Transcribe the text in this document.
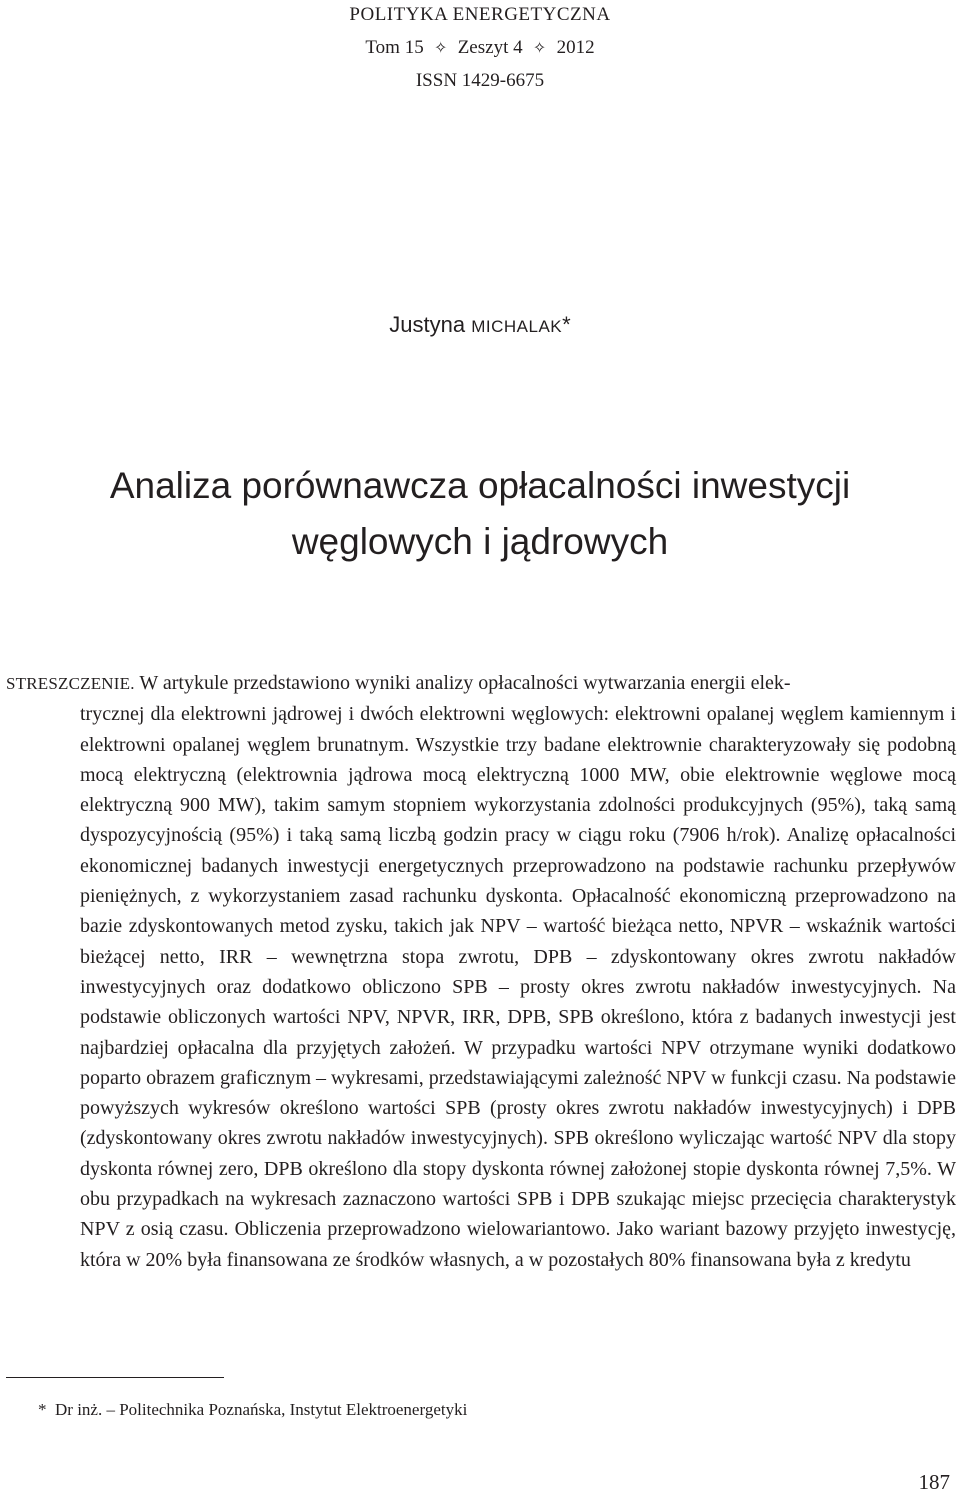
POLITYKA ENERGETYCZNA
Tom 15 ✧ Zeszyt 4 ✧ 2012
ISSN 1429-6675
Justyna MICHALAK*
Analiza porównawcza opłacalności inwestycji
węglowych i jądrowych

STRESZCZENIE. W artykule przedstawiono wyniki analizy opłacalności wytwarzania energii elek-

trycznej dla elektrowni jądrowej i dwóch elektrowni węglowych: elektrowni opalanej węglem kamiennym i elektrowni opalanej węglem brunatnym. Wszystkie trzy badane elektrownie charakteryzowały się podobną mocą elektryczną (elektrownia jądrowa mocą elektryczną 1000 MW, obie elektrownie węglowe mocą elektryczną 900 MW), takim samym stopniem wykorzystania zdolności produkcyjnych (95%), taką samą dyspozycyjnością (95%) i taką samą liczbą godzin pracy w ciągu roku (7906 h/rok). Analizę opłacalności ekonomicznej badanych inwestycji energetycznych przeprowadzono na podstawie rachunku przepływów pieniężnych, z wykorzystaniem zasad rachunku dyskonta. Opłacalność ekonomiczną przeprowadzono na bazie zdyskontowanych metod zysku, takich jak NPV – wartość bieżąca netto, NPVR – wskaźnik wartości bieżącej netto, IRR – wewnętrzna stopa zwrotu, DPB – zdyskontowany okres zwrotu nakładów inwestycyjnych oraz dodatkowo obliczono SPB – prosty okres zwrotu nakładów inwestycyjnych. Na podstawie obliczonych wartości NPV, NPVR, IRR, DPB, SPB określono, która z badanych inwestycji jest najbardziej opłacalna dla przyjętych założeń. W przypadku wartości NPV otrzymane wyniki dodatkowo poparto obrazem graficznym – wykresami, przedstawiającymi zależność NPV w funkcji czasu. Na podstawie powyższych wykresów określono wartości SPB (prosty okres zwrotu nakładów inwestycyjnych) i DPB (zdyskontowany okres zwrotu nakładów inwestycyjnych). SPB określono wyliczając wartość NPV dla stopy dyskonta równej zero, DPB określono dla stopy dyskonta równej założonej stopie dyskonta równej 7,5%. W obu przypadkach na wykresach zaznaczono wartości SPB i DPB szukając miejsc przecięcia charakterystyk NPV z osią czasu. Obliczenia przeprowadzono wielowariantowo. Jako wariant bazowy przyjęto inwestycję, która w 20% była finansowana ze środków własnych, a w pozostałych 80% finansowana była z kredytu

* Dr inż. – Politechnika Poznańska, Instytut Elektroenergetyki
187
